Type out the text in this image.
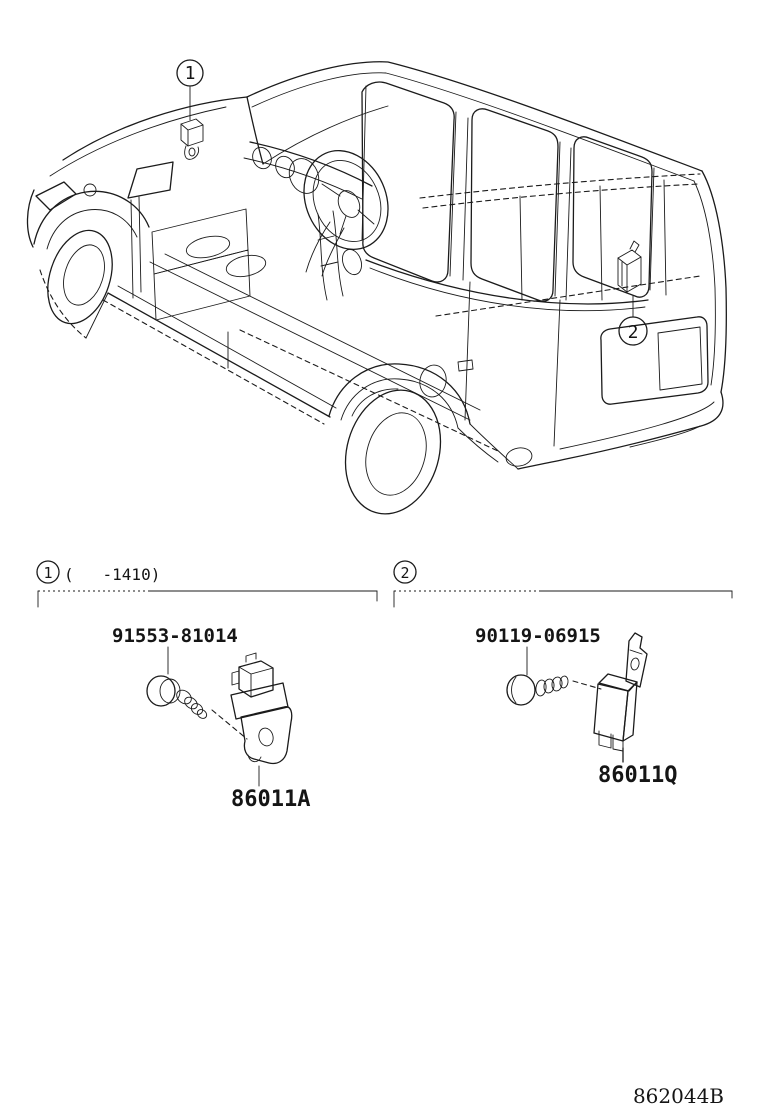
1
2
1 (   -1410)
91553-81014
86011A
2
90119-06915
86011Q
862044B
